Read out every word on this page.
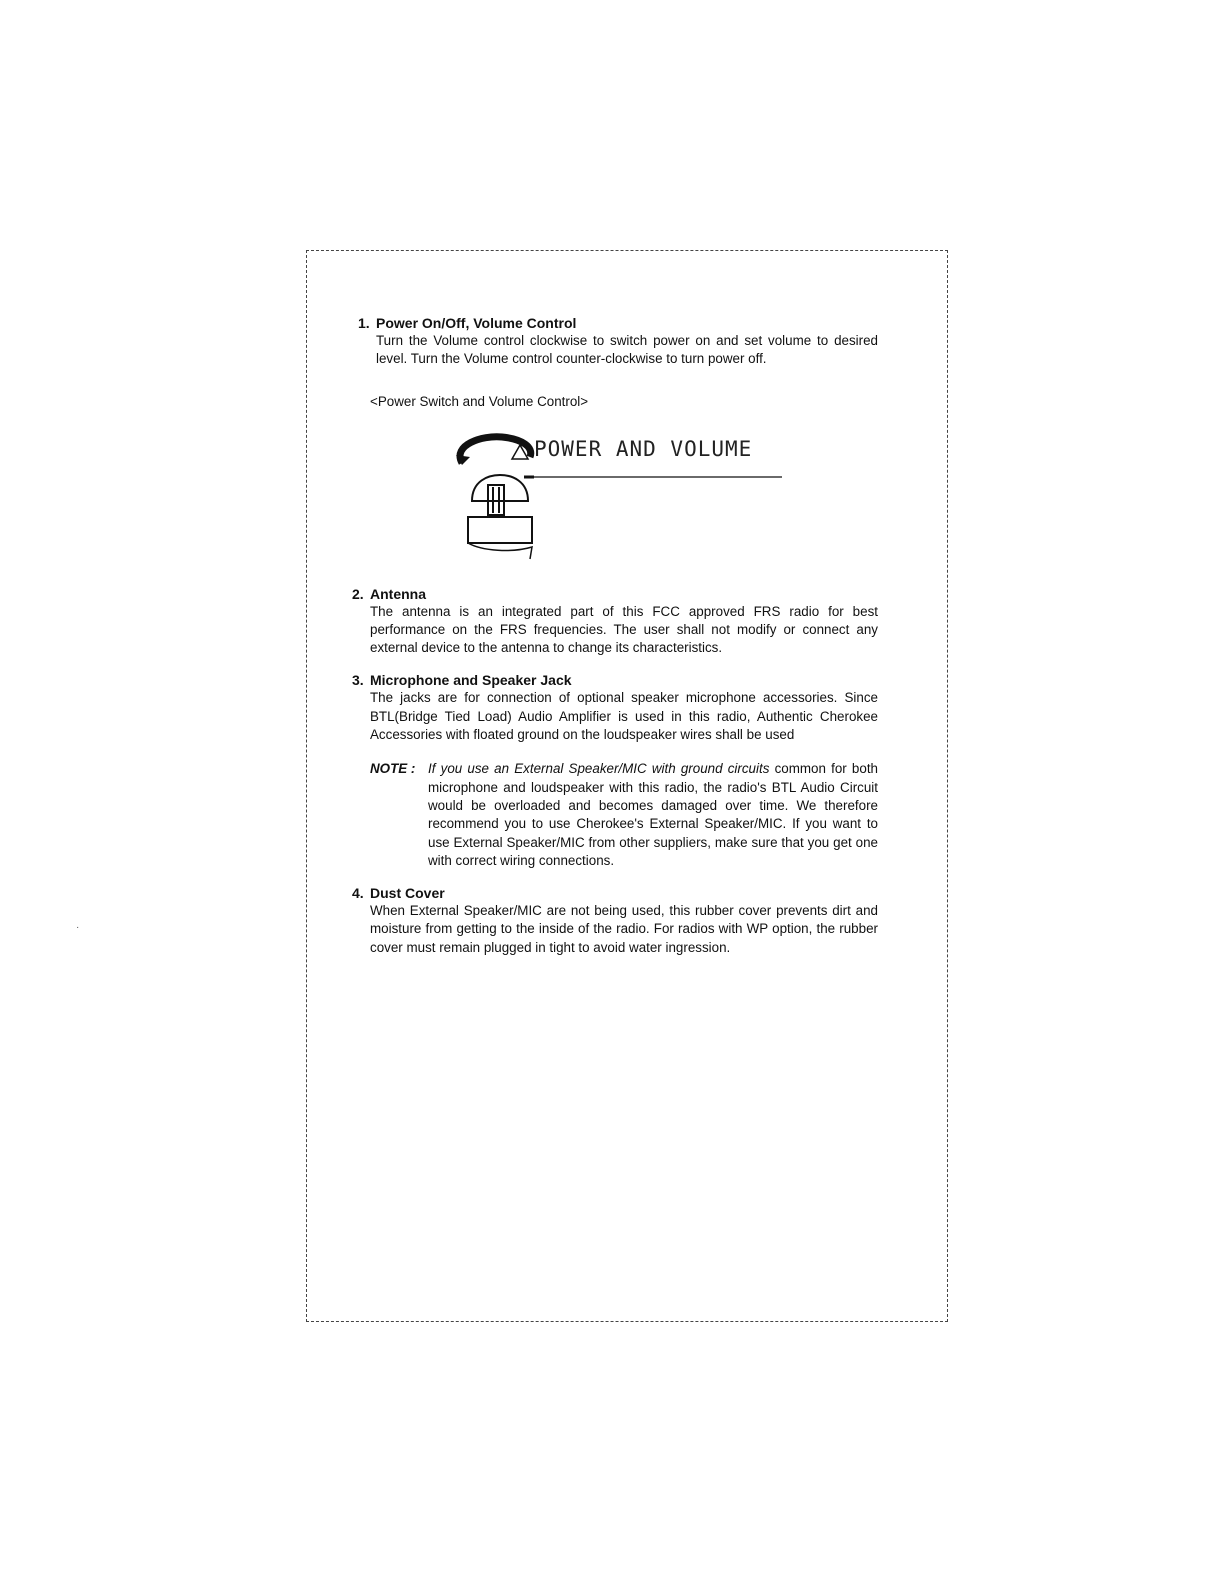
·

1. Power On/Off, Volume Control

Turn the Volume control clockwise to switch power on and set volume to desired level. Turn the Volume control counter-clockwise to turn power off.

<Power Switch and Volume Control>

POWER AND VOLUME

2. Antenna

The antenna is an integrated part of this FCC approved FRS radio for best performance on the FRS frequencies. The user shall not modify or connect any external device to the antenna to change its characteristics.

3. Microphone and Speaker Jack

The jacks are for connection of optional speaker microphone accessories. Since BTL(Bridge Tied Load) Audio Amplifier is used in this radio, Authentic Cherokee Accessories with floated ground on the loudspeaker wires shall be used

NOTE : If you use an External Speaker/MIC with ground circuits common for both microphone and loudspeaker with this radio, the radio's BTL Audio Circuit would be overloaded and becomes damaged over time. We therefore recommend you to use Cherokee's External Speaker/MIC. If you want to use External Speaker/MIC from other suppliers, make sure that you get one with correct wiring connections.

4. Dust Cover

When External Speaker/MIC are not being used, this rubber cover prevents dirt and moisture from getting to the inside of the radio. For radios with WP option, the rubber cover must remain plugged in tight to avoid water ingression.
